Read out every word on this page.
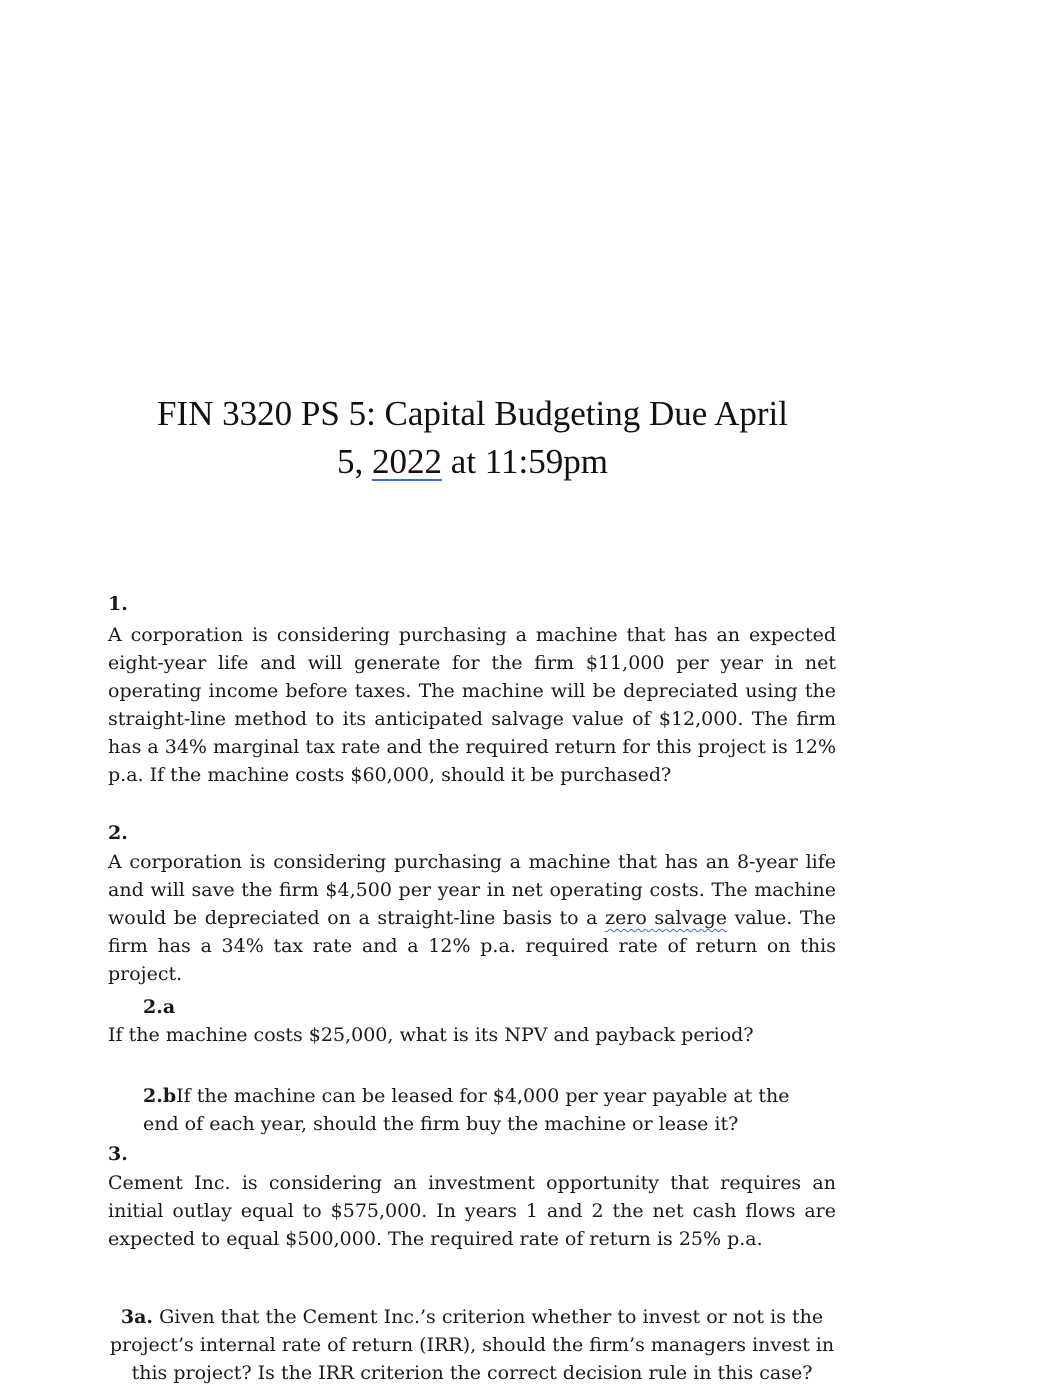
FIN 3320 PS 5: Capital Budgeting Due April
5, 2022 at 11:59pm
1.
A corporation is considering purchasing a machine that has an expected eight-year life and will generate for the firm $11,000 per year in net operating income before taxes. The machine will be depreciated using the straight-line method to its anticipated salvage value of $12,000. The firm has a 34% marginal tax rate and the required return for this project is 12% p.a. If the machine costs $60,000, should it be purchased?
2.
A corporation is considering purchasing a machine that has an 8-year life and will save the firm $4,500 per year in net operating costs. The machine would be depreciated on a straight-line basis to a zero salvage value. The firm has a 34% tax rate and a 12% p.a. required rate of return on this project.
2.a
If the machine costs $25,000, what is its NPV and payback period?
2.bIf the machine can be leased for $4,000 per year payable at the end of each year, should the firm buy the machine or lease it?
3.
Cement Inc. is considering an investment opportunity that requires an initial outlay equal to $575,000. In years 1 and 2 the net cash flows are expected to equal $500,000. The required rate of return is 25% p.a.
3a. Given that the Cement Inc.’s criterion whether to invest or not is the project’s internal rate of return (IRR), should the firm’s managers invest in this project? Is the IRR criterion the correct decision rule in this case?
